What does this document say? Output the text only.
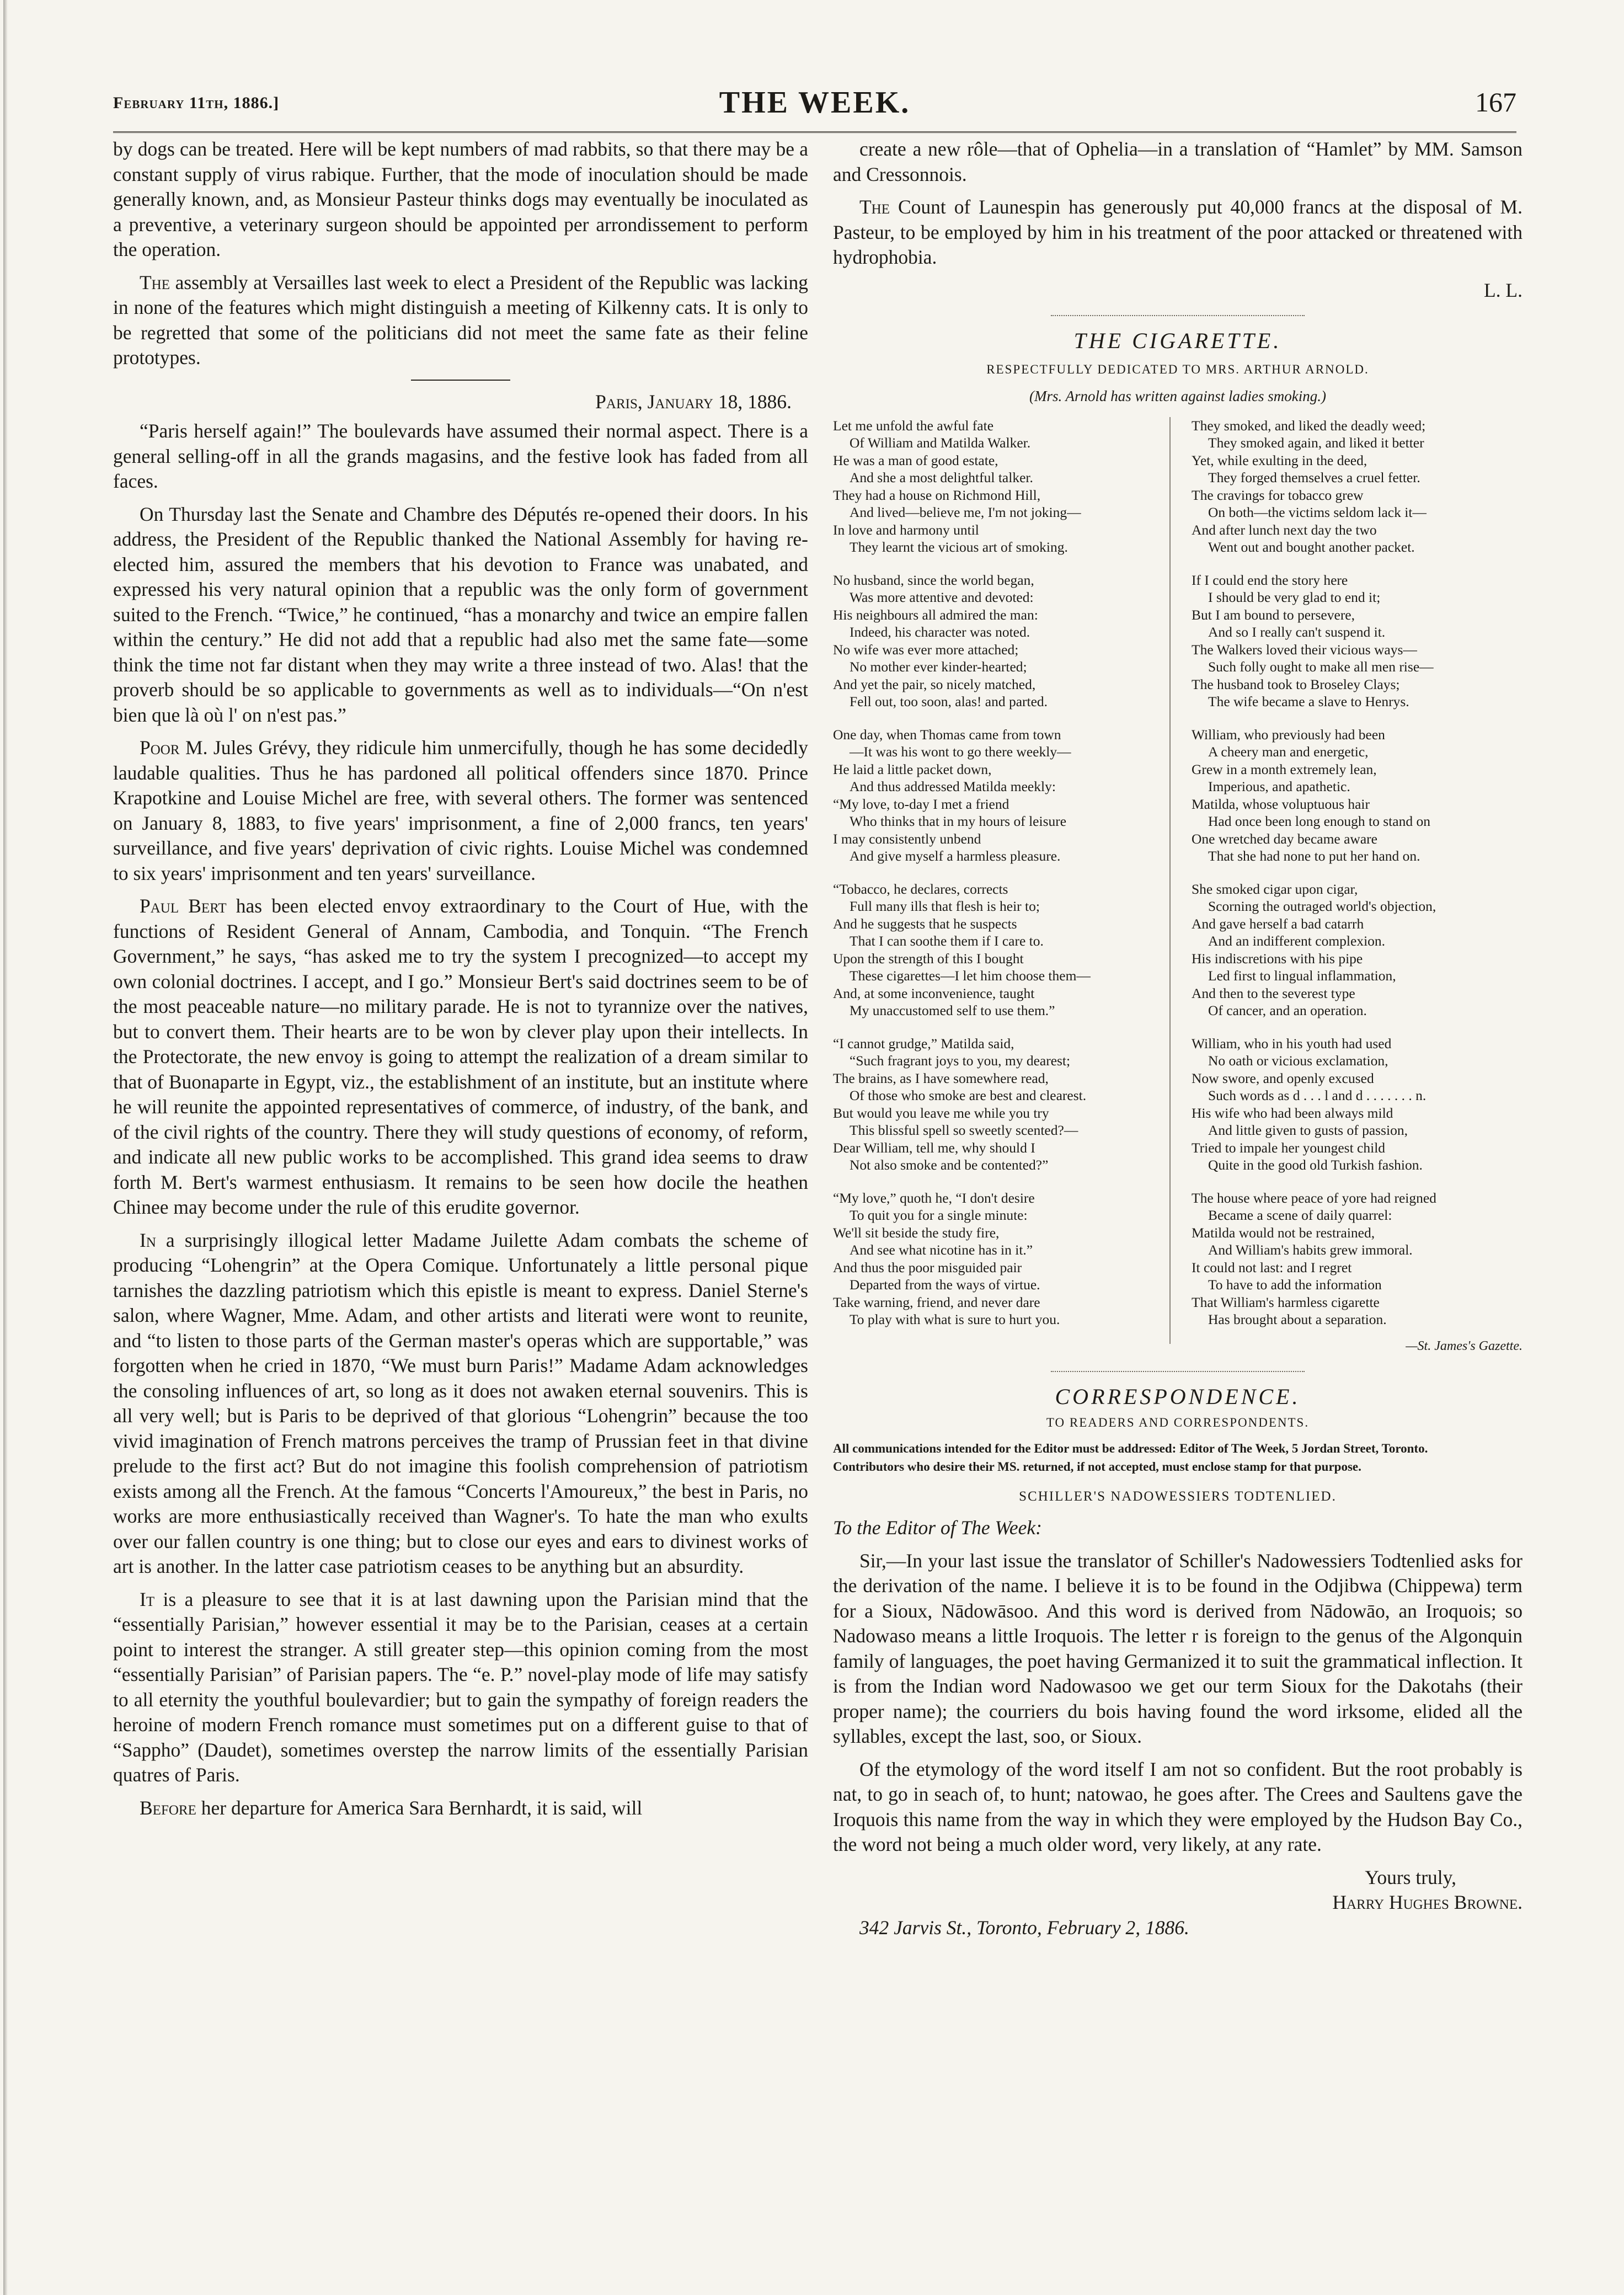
February 11th, 1886.]	THE WEEK.	167

by dogs can be treated. Here will be kept numbers of mad rabbits, so that there may be a constant supply of virus rabique. Further, that the mode of inoculation should be made generally known, and, as Monsieur Pasteur thinks dogs may eventually be inoculated as a preventive, a veterinary surgeon should be appointed per arrondissement to perform the operation.

The assembly at Versailles last week to elect a President of the Republic was lacking in none of the features which might distinguish a meeting of Kilkenny cats. It is only to be regretted that some of the politicians did not meet the same fate as their feline prototypes.

Paris, January 18, 1886.

“Paris herself again!” The boulevards have assumed their normal aspect. There is a general selling-off in all the grands magasins, and the festive look has faded from all faces.

On Thursday last the Senate and Chambre des Députés re-opened their doors. In his address, the President of the Republic thanked the National Assembly for having re-elected him, assured the members that his devotion to France was unabated, and expressed his very natural opinion that a republic was the only form of government suited to the French. “Twice,” he continued, “has a monarchy and twice an empire fallen within the century.” He did not add that a republic had also met the same fate—some think the time not far distant when they may write a three instead of two. Alas! that the proverb should be so applicable to governments as well as to individuals—“On n'est bien que là où l' on n'est pas.”

Poor M. Jules Grévy, they ridicule him unmercifully, though he has some decidedly laudable qualities. Thus he has pardoned all political offenders since 1870. Prince Krapotkine and Louise Michel are free, with several others. The former was sentenced on January 8, 1883, to five years' imprisonment, a fine of 2,000 francs, ten years' surveillance, and five years' deprivation of civic rights. Louise Michel was condemned to six years' imprisonment and ten years' surveillance.

Paul Bert has been elected envoy extraordinary to the Court of Hue, with the functions of Resident General of Annam, Cambodia, and Tonquin. “The French Government,” he says, “has asked me to try the system I precognized—to accept my own colonial doctrines. I accept, and I go.” Monsieur Bert's said doctrines seem to be of the most peaceable nature—no military parade. He is not to tyrannize over the natives, but to convert them. Their hearts are to be won by clever play upon their intellects. In the Protectorate, the new envoy is going to attempt the realization of a dream similar to that of Buonaparte in Egypt, viz., the establishment of an institute, but an institute where he will reunite the appointed representatives of commerce, of industry, of the bank, and of the civil rights of the country. There they will study questions of economy, of reform, and indicate all new public works to be accomplished. This grand idea seems to draw forth M. Bert's warmest enthusiasm. It remains to be seen how docile the heathen Chinee may become under the rule of this erudite governor.

In a surprisingly illogical letter Madame Juilette Adam combats the scheme of producing “Lohengrin” at the Opera Comique. Unfortunately a little personal pique tarnishes the dazzling patriotism which this epistle is meant to express. Daniel Sterne's salon, where Wagner, Mme. Adam, and other artists and literati were wont to reunite, and “to listen to those parts of the German master's operas which are supportable,” was forgotten when he cried in 1870, “We must burn Paris!” Madame Adam acknowledges the consoling influences of art, so long as it does not awaken eternal souvenirs. This is all very well; but is Paris to be deprived of that glorious “Lohengrin” because the too vivid imagination of French matrons perceives the tramp of Prussian feet in that divine prelude to the first act? But do not imagine this foolish comprehension of patriotism exists among all the French. At the famous “Concerts l'Amoureux,” the best in Paris, no works are more enthusiastically received than Wagner's. To hate the man who exults over our fallen country is one thing; but to close our eyes and ears to divinest works of art is another. In the latter case patriotism ceases to be anything but an absurdity.

It is a pleasure to see that it is at last dawning upon the Parisian mind that the “essentially Parisian,” however essential it may be to the Parisian, ceases at a certain point to interest the stranger. A still greater step—this opinion coming from the most “essentially Parisian” of Parisian papers. The “e. P.” novel-play mode of life may satisfy to all eternity the youthful boulevardier; but to gain the sympathy of foreign readers the heroine of modern French romance must sometimes put on a different guise to that of “Sappho” (Daudet), sometimes overstep the narrow limits of the essentially Parisian quatres of Paris.

Before her departure for America Sara Bernhardt, it is said, will

create a new rôle—that of Ophelia—in a translation of “Hamlet” by MM. Samson and Cressonnois.

The Count of Launespin has generously put 40,000 francs at the disposal of M. Pasteur, to be employed by him in his treatment of the poor attacked or threatened with hydrophobia.

L. L.
THE CIGARETTE.
RESPECTFULLY DEDICATED TO MRS. ARTHUR ARNOLD.
(Mrs. Arnold has written against ladies smoking.)
Let me unfold the awful fate
Of William and Matilda Walker.
He was a man of good estate,
And she a most delightful talker.
They had a house on Richmond Hill,
And lived—believe me, I'm not joking—
In love and harmony until
They learnt the vicious art of smoking.
No husband, since the world began,
Was more attentive and devoted:
His neighbours all admired the man:
Indeed, his character was noted.
No wife was ever more attached;
No mother ever kinder-hearted;
And yet the pair, so nicely matched,
Fell out, too soon, alas! and parted.
One day, when Thomas came from town
—It was his wont to go there weekly—
He laid a little packet down,
And thus addressed Matilda meekly:
“My love, to-day I met a friend
Who thinks that in my hours of leisure
I may consistently unbend
And give myself a harmless pleasure.
“Tobacco, he declares, corrects
Full many ills that flesh is heir to;
And he suggests that he suspects
That I can soothe them if I care to.
Upon the strength of this I bought
These cigarettes—I let him choose them—
And, at some inconvenience, taught
My unaccustomed self to use them.”
“I cannot grudge,” Matilda said,
“Such fragrant joys to you, my dearest;
The brains, as I have somewhere read,
Of those who smoke are best and clearest.
But would you leave me while you try
This blissful spell so sweetly scented?—
Dear William, tell me, why should I
Not also smoke and be contented?”
“My love,” quoth he, “I don't desire
To quit you for a single minute:
We'll sit beside the study fire,
And see what nicotine has in it.”
And thus the poor misguided pair
Departed from the ways of virtue.
Take warning, friend, and never dare
To play with what is sure to hurt you.
They smoked, and liked the deadly weed;
They smoked again, and liked it better
Yet, while exulting in the deed,
They forged themselves a cruel fetter.
The cravings for tobacco grew
On both—the victims seldom lack it—
And after lunch next day the two
Went out and bought another packet.
If I could end the story here
I should be very glad to end it;
But I am bound to persevere,
And so I really can't suspend it.
The Walkers loved their vicious ways—
Such folly ought to make all men rise—
The husband took to Broseley Clays;
The wife became a slave to Henrys.
William, who previously had been
A cheery man and energetic,
Grew in a month extremely lean,
Imperious, and apathetic.
Matilda, whose voluptuous hair
Had once been long enough to stand on
One wretched day became aware
That she had none to put her hand on.
She smoked cigar upon cigar,
Scorning the outraged world's objection,
And gave herself a bad catarrh
And an indifferent complexion.
His indiscretions with his pipe
Led first to lingual inflammation,
And then to the severest type
Of cancer, and an operation.
William, who in his youth had used
No oath or vicious exclamation,
Now swore, and openly excused
Such words as d . . . l and d . . . . . . . n.
His wife who had been always mild
And little given to gusts of passion,
Tried to impale her youngest child
Quite in the good old Turkish fashion.
The house where peace of yore had reigned
Became a scene of daily quarrel:
Matilda would not be restrained,
And William's habits grew immoral.
It could not last: and I regret
To have to add the information
That William's harmless cigarette
Has brought about a separation.
—St. James's Gazette.
CORRESPONDENCE.
TO READERS AND CORRESPONDENTS.

All communications intended for the Editor must be addressed: Editor of The Week, 5 Jordan Street, Toronto.

Contributors who desire their MS. returned, if not accepted, must enclose stamp for that purpose.

SCHILLER'S NADOWESSIERS TODTENLIED.

To the Editor of The Week:

Sir,—In your last issue the translator of Schiller's Nadowessiers Todtenlied asks for the derivation of the name. I believe it is to be found in the Odjibwa (Chippewa) term for a Sioux, Nādowāsoo. And this word is derived from Nādowāo, an Iroquois; so Nadowaso means a little Iroquois. The letter r is foreign to the genus of the Algonquin family of languages, the poet having Germanized it to suit the grammatical inflection. It is from the Indian word Nadowasoo we get our term Sioux for the Dakotahs (their proper name); the courriers du bois having found the word irksome, elided all the syllables, except the last, soo, or Sioux.

Of the etymology of the word itself I am not so confident. But the root probably is nat, to go in seach of, to hunt; natowao, he goes after. The Crees and Saultens gave the Iroquois this name from the way in which they were employed by the Hudson Bay Co., the word not being a much older word, very likely, at any rate.

Yours truly,
Harry Hughes Browne.
342 Jarvis St., Toronto, February 2, 1886.
